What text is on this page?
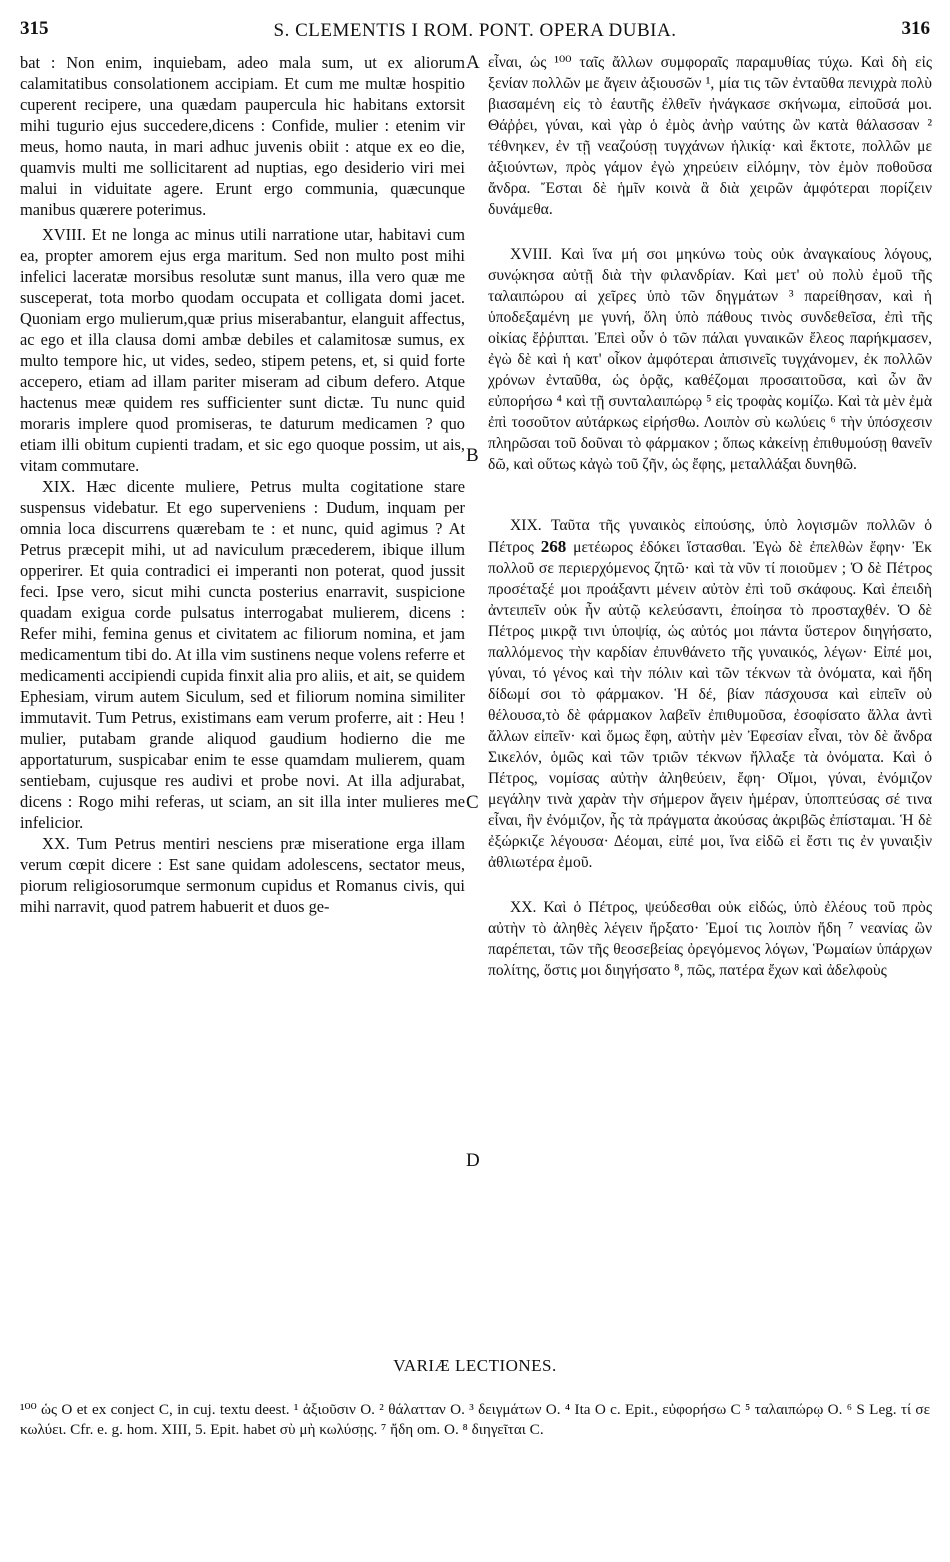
315	S. CLEMENTIS I ROM. PONT. OPERA DUBIA.	316

bat : Non enim, inquiebam, adeo mala sum, ut ex aliorum calamitatibus consolationem accipiam. Et cum me multæ hospitio cuperent recipere, una quædam paupercula hic habitans extorsit mihi tugurio ejus succedere,dicens : Confide, mulier : etenim vir meus, homo nauta, in mari adhuc juvenis obiit : atque ex eo die, quamvis multi me sollicitarent ad nuptias, ego desiderio viri mei malui in viduitate agere. Erunt ergo communia, quæcunque manibus quærere poterimus.

XVIII. Et ne longa ac minus utili narratione utar, habitavi cum ea, propter amorem ejus erga maritum. Sed non multo post mihi infelici laceratæ morsibus resolutæ sunt manus, illa vero quæ me susceperat, tota morbo quodam occupata et colligata domi jacet. Quoniam ergo mulierum,quæ prius miserabantur, elanguit affectus, ac ego et illa clausa domi ambæ debiles et calamitosæ sumus, ex multo tempore hic, ut vides, sedeo, stipem petens, et, si quid forte accepero, etiam ad illam pariter miseram ad cibum defero. Atque hactenus meæ quidem res sufficienter sunt dictæ. Tu nunc quid moraris implere quod promiseras, te daturum medicamen ? quo etiam illi obitum cupienti tradam, et sic ego quoque possim, ut ais, vitam commutare.

XIX. Hæc dicente muliere, Petrus multa cogitatione stare suspensus videbatur. Et ego superveniens : Dudum, inquam per omnia loca discurrens quærebam te : et nunc, quid agimus ? At Petrus præcepit mihi, ut ad naviculum præcederem, ibique illum opperirer. Et quia contradici ei imperanti non poterat, quod jussit feci. Ipse vero, sicut mihi cuncta posterius enarravit, suspicione quadam exigua corde pulsatus interrogabat mulierem, dicens : Refer mihi, femina genus et civitatem ac filiorum nomina, et jam medicamentum tibi do. At illa vim sustinens neque volens referre et medicamenti accipiendi cupida finxit alia pro aliis, et ait, se quidem Ephesiam, virum autem Siculum, sed et filiorum nomina similiter immutavit. Tum Petrus, existimans eam verum proferre, ait : Heu ! mulier, putabam grande aliquod gaudium hodierno die me apportaturum, suspicabar enim te esse quamdam mulierem, quam sentiebam, cujusque res audivi et probe novi. At illa adjurabat, dicens : Rogo mihi referas, ut sciam, an sit illa inter mulieres me infelicior.

XX. Tum Petrus mentiri nesciens præ miseratione erga illam verum cœpit dicere : Est sane quidam adolescens, sectator meus, piorum religiosorumque sermonum cupidus et Romanus civis, qui mihi narravit, quod patrem habuerit et duos ge-

A
B
C
D

εἶναι, ὡς ¹⁰⁰ ταῖς ἄλλων συμφοραῖς παραμυθίας τύχω. Καὶ δὴ εἰς ξενίαν πολλῶν με ἄγειν ἀξιουσῶν ¹, μία τις τῶν ἐνταῦθα πενιχρὰ πολὺ βιασαμένη εἰς τὸ ἑαυτῆς ἐλθεῖν ἠνάγκασε σκήνωμα, εἰποῦσά μοι. Θάῤῥει, γύναι, καὶ γὰρ ὁ ἐμὸς ἀνὴρ ναύτης ὢν κατὰ θάλασσαν ² τέθνηκεν, ἐν τῇ νεαζούσῃ τυγχάνων ἡλικίᾳ· καὶ ἔκτοτε, πολλῶν με ἀξιούντων, πρὸς γάμον ἐγὼ χηρεύειν εἱλόμην, τὸν ἐμὸν ποθοῦσα ἄνδρα. Ἔσται δὲ ἡμῖν κοινὰ ἃ διὰ χειρῶν ἀμφότεραι πορίζειν δυνάμεθα.

XVIII. Καὶ ἵνα μή σοι μηκύνω τοὺς οὐκ ἀναγκαίους λόγους, συνῴκησα αὐτῇ διὰ τὴν φιλανδρίαν. Καὶ μετ' οὐ πολὺ ἐμοῦ τῆς ταλαιπώρου αἱ χεῖρες ὑπὸ τῶν δηγμάτων ³ παρείθησαν, καὶ ἡ ὑποδεξαμένη με γυνή, ὅλη ὑπὸ πάθους τινὸς συνδεθεῖσα, ἐπὶ τῆς οἰκίας ἔῤῥιπται. Ἐπεὶ οὖν ὁ τῶν πάλαι γυναικῶν ἔλεος παρήκμασεν, ἐγὼ δὲ καὶ ἡ κατ' οἶκον ἀμφότεραι ἀπισινεῖς τυγχάνομεν, ἐκ πολλῶν χρόνων ἐνταῦθα, ὡς ὁρᾷς, καθέζομαι προσαιτοῦσα, καὶ ὧν ἂν εὐπορήσω ⁴ καὶ τῇ συνταλαιπώρῳ ⁵ εἰς τροφὰς κομίζω. Καὶ τὰ μὲν ἐμὰ ἐπὶ τοσοῦτον αὐτάρκως εἰρήσθω. Λοιπὸν σὺ κωλύεις ⁶ τὴν ὑπόσχεσιν πληρῶσαι τοῦ δοῦναι τὸ φάρμακον ; ὅπως κἀκείνῃ ἐπιθυμούσῃ θανεῖν δῶ, καὶ οὕτως κἀγὼ τοῦ ζῆν, ὡς ἔφης, μεταλλάξαι δυνηθῶ.

XIX. Ταῦτα τῆς γυναικὸς εἰπούσης, ὑπὸ λογισμῶν πολλῶν ὁ Πέτρος 268 μετέωρος ἐδόκει ἵστασθαι. Ἐγὼ δὲ ἐπελθὼν ἔφην· Ἐκ πολλοῦ σε περιερχόμενος ζητῶ· καὶ τὰ νῦν τί ποιοῦμεν ; Ὁ δὲ Πέτρος προσέταξέ μοι προάξαντι μένειν αὐτὸν ἐπὶ τοῦ σκάφους. Καὶ ἐπειδὴ ἀντειπεῖν οὐκ ἦν αὐτῷ κελεύσαντι, ἐποίησα τὸ προσταχθέν. Ὁ δὲ Πέτρος μικρᾷ τινι ὑποψίᾳ, ὡς αὐτός μοι πάντα ὕστερον διηγήσατο, παλλόμενος τὴν καρδίαν ἐπυνθάνετο τῆς γυναικός, λέγων· Εἰπέ μοι, γύναι, τό γένος καὶ τὴν πόλιν καὶ τῶν τέκνων τὰ ὀνόματα, καὶ ἤδη δίδωμί σοι τὸ φάρμακον. Ἡ δέ, βίαν πάσχουσα καὶ εἰπεῖν οὐ θέλουσα,τὸ δὲ φάρμακον λαβεῖν ἐπιθυμοῦσα, ἐσοφίσατο ἄλλα ἀντὶ ἄλλων εἰπεῖν· καὶ ὅμως ἔφη, αὐτὴν μὲν Ἐφεσίαν εἶναι, τὸν δὲ ἄνδρα Σικελόν, ὁμῶς καὶ τῶν τριῶν τέκνων ἤλλαξε τὰ ὀνόματα. Καὶ ὁ Πέτρος, νομίσας αὐτὴν ἀληθεύειν, ἔφη· Οἴμοι, γύναι, ἐνόμιζον μεγάλην τινὰ χαρὰν τὴν σήμερον ἄγειν ἡμέραν, ὑποπτεύσας σέ τινα εἶναι, ἣν ἐνόμιζον, ἧς τὰ πράγματα ἀκούσας ἀκριβῶς ἐπίσταμαι. Ἡ δὲ ἐξώρκιζε λέγουσα· Δέομαι, εἰπέ μοι, ἵνα εἰδῶ εἰ ἔστι τις ἐν γυναιξὶν ἀθλιωτέρα ἐμοῦ.

XX. Καὶ ὁ Πέτρος, ψεύδεσθαι οὐκ εἰδώς, ὑπὸ ἐλέους τοῦ πρὸς αὐτὴν τὸ ἀληθὲς λέγειν ἤρξατο· Ἐμοί τις λοιπὸν ἤδη ⁷ νεανίας ὢν παρέπεται, τῶν τῆς θεοσεβείας ὀρεγόμενος λόγων, Ῥωμαίων ὑπάρχων πολίτης, ὅστις μοι διηγήσατο ⁸, πῶς, πατέρα ἔχων καὶ ἀδελφοὺς

VARIÆ LECTIONES.
¹⁰⁰ ὡς O et ex conject C, in cuj. textu deest. ¹ ἀξιοῦσιν O. ² θάλατταν O. ³ δειγμάτων O. ⁴ Ita O c. Epit., εὐφορήσω C ⁵ ταλαιπώρῳ O. ⁶ S Leg. τί σε κωλύει. Cfr. e. g. hom. XIII, 5. Epit. habet σὺ μὴ κωλύσῃς. ⁷ ἤδη om. O. ⁸ διηγεῖται C.
